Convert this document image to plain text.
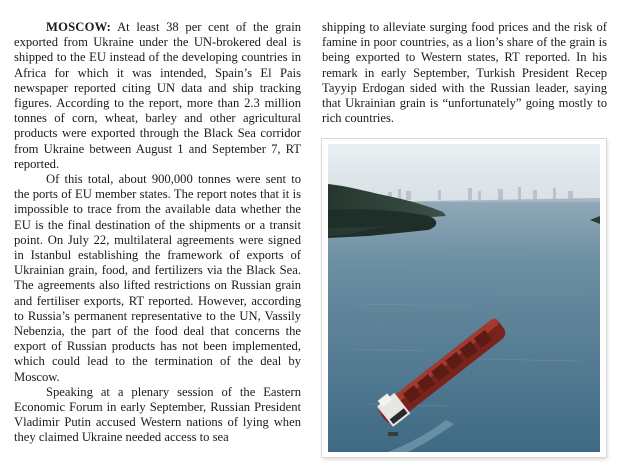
MOSCOW: At least 38 per cent of the grain exported from Ukraine under the UN-brokered deal is shipped to the EU instead of the developing countries in Africa for which it was intended, Spain’s El Pais newspaper reported citing UN data and ship tracking figures. According to the report, more than 2.3 million tonnes of corn, wheat, barley and other agricultural products were exported through the Black Sea corridor from Ukraine between August 1 and September 7, RT reported.

Of this total, about 900,000 tonnes were sent to the ports of EU member states. The report notes that it is impossible to trace from the available data whether the EU is the final destination of the shipments or a transit point. On July 22, multilateral agreements were signed in Istanbul establishing the framework of exports of Ukrainian grain, food, and fertilizers via the Black Sea. The agreements also lifted restrictions on Russian grain and fertiliser exports, RT reported. However, according to Russia’s permanent representative to the UN, Vassily Nebenzia, the part of the food deal that concerns the export of Russian products has not been implemented, which could lead to the termination of the deal by Moscow.

Speaking at a plenary session of the Eastern Economic Forum in early September, Russian President Vladimir Putin accused Western nations of lying when they claimed Ukraine needed access to sea

shipping to alleviate surging food prices and the risk of famine in poor countries, as a lion’s share of the grain is being exported to Western states, RT reported. In his remark in early September, Turkish President Recep Tayyip Erdogan sided with the Russian leader, saying that Ukrainian grain is “unfortunately” going mostly to rich countries.
